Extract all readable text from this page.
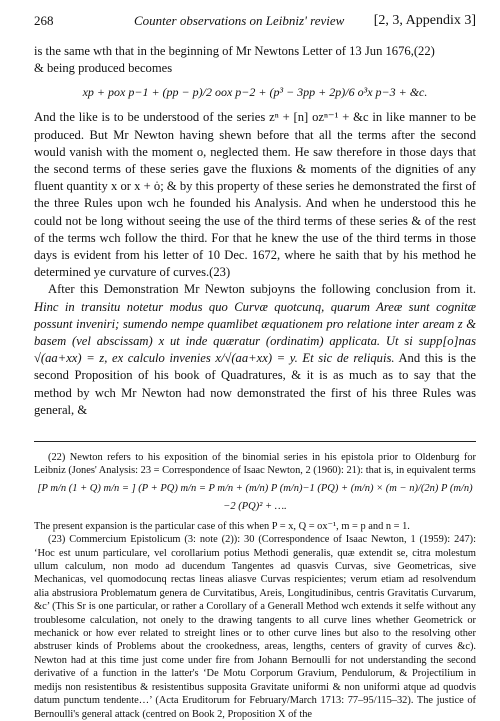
268	Counter observations on Leibniz' review [2, 3, Appendix 3]

is the same wth that in the beginning of Mr Newtons Letter of 13 Jun 1676,(22)

& being produced becomes

xp + pox p−1 + (pp − p)/2 oox p−2 + (p³ − 3pp + 2p)/6 o³x p−3 + &c.

And the like is to be understood of the series zⁿ + [n] ozⁿ⁻¹ + &c in like manner to be produced. But Mr Newton having shewn before that all the terms after the second would vanish with the moment o, neglected them. He saw therefore in those days that the second terms of these series gave the fluxions & moments of the dignities of any fluent quantity x or x + ȯ; & by this property of these series he demonstrated the first of the three Rules upon wch he founded his Analysis. And when he understood this he could not be long without seeing the use of the third terms of these series & of the rest of the terms wch follow the third. For that he knew the use of the third terms in those days is evident from his letter of 10 Dec. 1672, where he saith that by his method he determined ye curvature of curves.(23)

After this Demonstration Mr Newton subjoyns the following conclusion from it. Hinc in transitu notetur modus quo Curvæ quotcunq, quarum Areæ sunt cognitæ possunt inveniri; sumendo nempe quamlibet æquationem pro relatione inter aream z & basem (vel abscissam) x ut inde quæratur (ordinatim) applicata. Ut si supp[o]nas √(aa+xx) = z, ex calculo invenies x/√(aa+xx) = y. Et sic de reliquis. And this is the second Proposition of his book of Quadratures, & it is as much as to say that the method by wch Mr Newton had now demonstrated the first of his three Rules was general, &

(22) Newton refers to his exposition of the binomial series in his epistola prior to Oldenburg for Leibniz (Jones' Analysis: 23 = Correspondence of Isaac Newton, 2 (1960): 21): that is, in equivalent terms

[P m/n (1 + Q) m/n = ] (P + PQ) m/n = P m/n + (m/n) P (m/n)−1 (PQ) + (m/n) × (m − n)/(2n) P (m/n)−2 (PQ)² + ….

The present expansion is the particular case of this when P = x, Q = ox⁻¹, m = p and n = 1.

(23) Commercium Epistolicum (3: note (2)): 30 (Correspondence of Isaac Newton, 1 (1959): 247): ‘Hoc est unum particulare, vel corollarium potius Methodi generalis, quæ extendit se, citra molestum ullum calculum, non modo ad ducendum Tangentes ad quasvis Curvas, sive Geometricas, sive Mechanicas, vel quomodocunq rectas lineas aliasve Curvas respicientes; verum etiam ad resolvendum alia abstrusiora Problematum genera de Curvitatibus, Areis, Longitudinibus, centris Gravitatis Curvarum, &c’ (This Sr is one particular, or rather a Corollary of a Generall Method wch extends it selfe without any troublesome calculation, not onely to the drawing tangents to all curve lines whether Geometrick or mechanick or how ever related to streight lines or to other curve lines but also to the resolving other abstruser kinds of Problems about the crookedness, areas, lengths, centers of gravity of curves &c). Newton had at this time just come under fire from Johann Bernoulli for not understanding the second derivative of a function in the latter's ‘De Motu Corporum Gravium, Pendulorum, & Projectilium in medijs non resistentibus & resistentibus supposita Gravitate uniformi & non uniformi atque ad quodvis datum punctum tendente…’ (Acta Eruditorum for February/March 1713: 77–95/115–32). The justice of Bernoulli's general attack (centred on Book 2, Proposition X of the
